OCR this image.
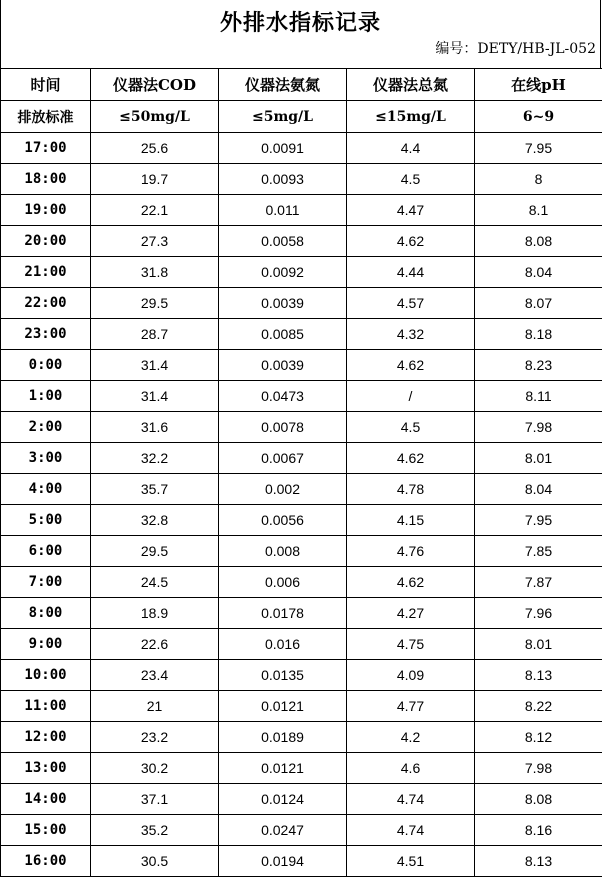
外排水指标记录
编号：DETY/HB-JL-052
时间	仪器法COD	仪器法氨氮	仪器法总氮	在线pH
排放标准	≤50mg/L	≤5mg/L	≤15mg/L	6~9
17:00	25.6	0.0091	4.4	7.95
18:00	19.7	0.0093	4.5	8
19:00	22.1	0.011	4.47	8.1
20:00	27.3	0.0058	4.62	8.08
21:00	31.8	0.0092	4.44	8.04
22:00	29.5	0.0039	4.57	8.07
23:00	28.7	0.0085	4.32	8.18
0:00	31.4	0.0039	4.62	8.23
1:00	31.4	0.0473	/	8.11
2:00	31.6	0.0078	4.5	7.98
3:00	32.2	0.0067	4.62	8.01
4:00	35.7	0.002	4.78	8.04
5:00	32.8	0.0056	4.15	7.95
6:00	29.5	0.008	4.76	7.85
7:00	24.5	0.006	4.62	7.87
8:00	18.9	0.0178	4.27	7.96
9:00	22.6	0.016	4.75	8.01
10:00	23.4	0.0135	4.09	8.13
11:00	21	0.0121	4.77	8.22
12:00	23.2	0.0189	4.2	8.12
13:00	30.2	0.0121	4.6	7.98
14:00	37.1	0.0124	4.74	8.08
15:00	35.2	0.0247	4.74	8.16
16:00	30.5	0.0194	4.51	8.13
